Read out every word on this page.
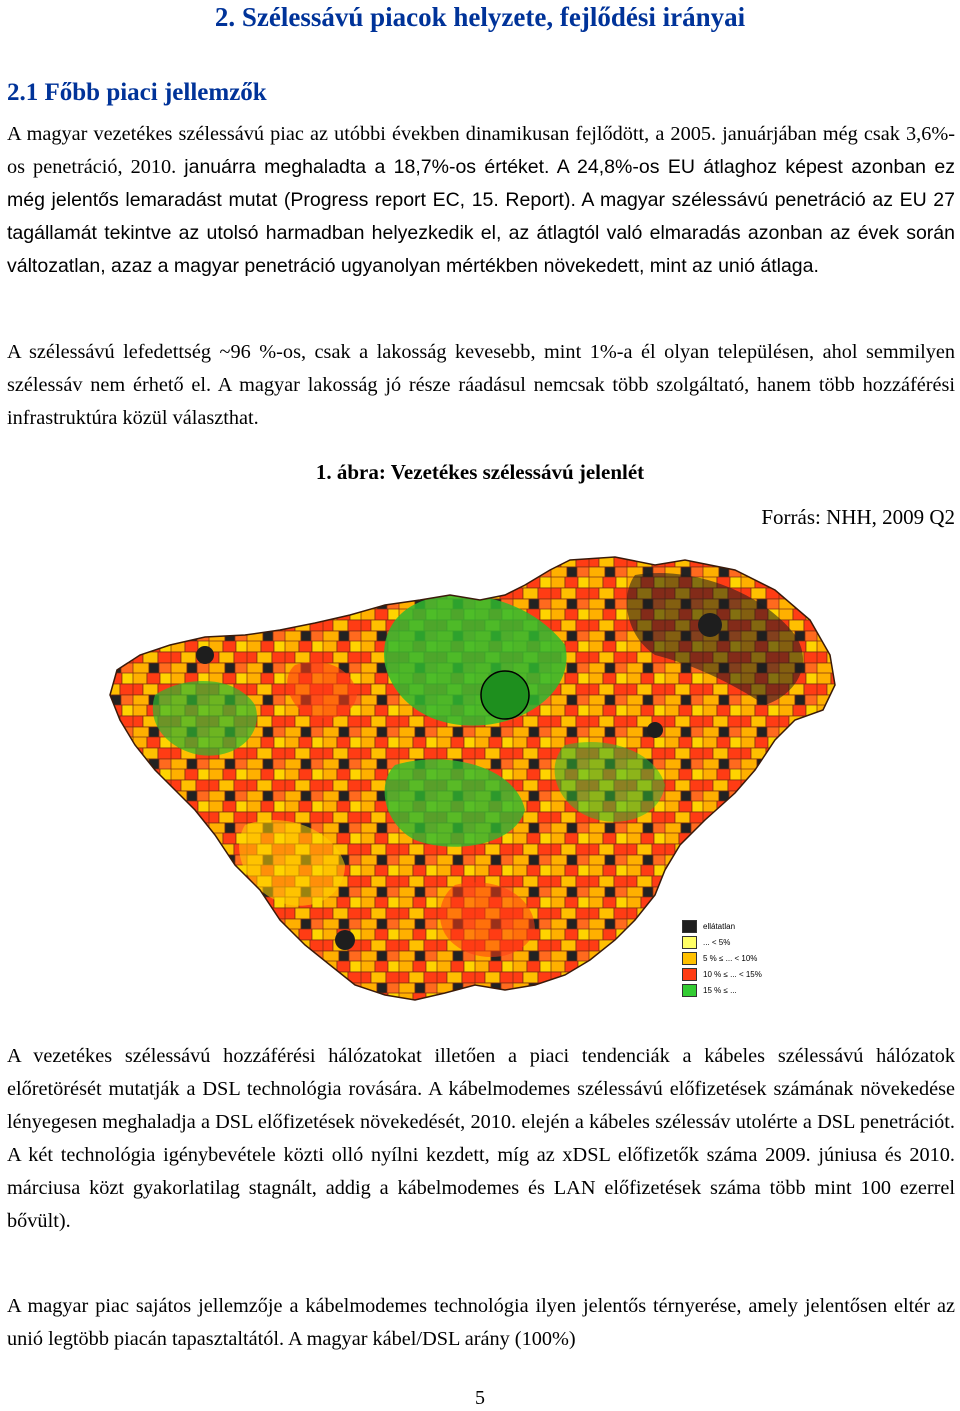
2. Szélessávú piacok helyzete, fejlődési irányai
2.1 Főbb piaci jellemzők

A magyar vezetékes szélessávú piac az utóbbi években dinamikusan fejlődött, a 2005. januárjában még csak 3,6%-os penetráció, 2010. januárra meghaladta a 18,7%-os értéket. A 24,8%-os EU átlaghoz képest azonban ez még jelentős lemaradást mutat (Progress report EC, 15. Report). A magyar szélessávú penetráció az EU 27 tagállamát tekintve az utolsó harmadban helyezkedik el, az átlagtól való elmaradás azonban az évek során változatlan, azaz a magyar penetráció ugyanolyan mértékben növekedett, mint az unió átlaga.

A szélessávú lefedettség ~96 %-os, csak a lakosság kevesebb, mint 1%-a él olyan településen, ahol semmilyen szélessáv nem érhető el. A magyar lakosság jó része ráadásul nemcsak több szolgáltató, hanem több hozzáférési infrastruktúra közül választhat.

1. ábra: Vezetékes szélessávú jelenlét
Forrás: NHH, 2009 Q2
ellátatlan
... < 5%
5 % ≤ ... < 10%
10 % ≤ ... < 15%
15 % ≤ ...

A vezetékes szélessávú hozzáférési hálózatokat illetően a piaci tendenciák a kábeles szélessávú hálózatok előretörését mutatják a DSL technológia rovására. A kábelmodemes szélessávú előfizetések számának növekedése lényegesen meghaladja a DSL előfizetések növekedését, 2010. elején a kábeles szélessáv utolérte a DSL penetrációt. A két technológia igénybevétele közti olló nyílni kezdett, míg az xDSL előfizetők száma 2009. júniusa és 2010. márciusa közt gyakorlatilag stagnált, addig a kábelmodemes és LAN előfizetések száma több mint 100 ezerrel bővült).

A magyar piac sajátos jellemzője a kábelmodemes technológia ilyen jelentős térnyerése, amely jelentősen eltér az unió legtöbb piacán tapasztaltától. A magyar kábel/DSL arány (100%)

5
